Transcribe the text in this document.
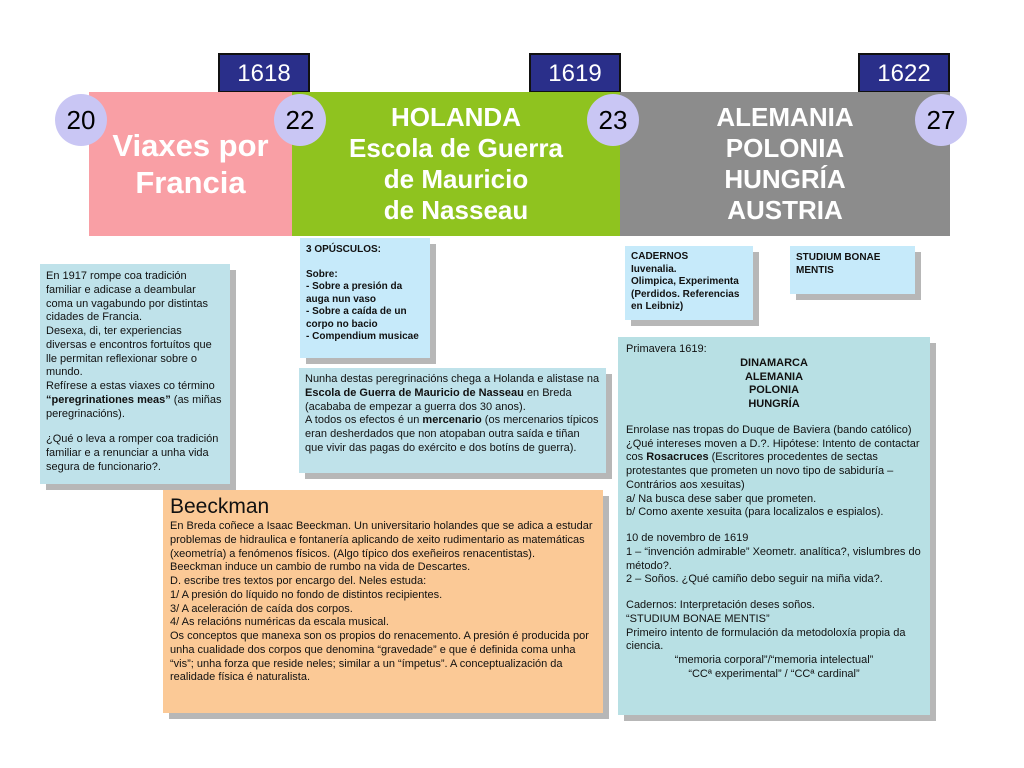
1618	1619	1622

Viaxes por

Francia

HOLANDA

Escola de Guerra

de Mauricio

de Nasseau

ALEMANIA

POLONIA

HUNGRÍA

AUSTRIA

20	22	23	27

En 1917 rompe coa tradición familiar e adicase a deambular coma un vagabundo por distintas cidades de Francia.

Desexa, di, ter experiencias diversas e encontros fortuítos que lle permitan reflexionar sobre o mundo.

Refírese a estas viaxes co término “peregrinationes meas” (as miñas peregrinacións).

¿Qué o leva a romper coa tradición familiar e a renunciar a unha vida segura de funcionario?.

3 OPÚSCULOS:

Sobre:

- Sobre a presión da auga nun vaso

- Sobre a caída de un corpo no bacio

- Compendium musicae

Nunha destas peregrinacións chega a Holanda e alistase na Escola de Guerra de Mauricio de Nasseau en Breda (acababa de empezar a guerra dos 30 anos).

A todos os efectos é un mercenario (os mercenarios típicos eran desherdados que non atopaban outra saída e tiñan que vivir das pagas do exército e dos botíns de guerra).

CADERNOS

Iuvenalia.

Olimpica, Experimenta

(Perdidos. Referencias en Leibniz)

STUDIUM BONAE

MENTIS

Beeckman

En Breda coñece a Isaac Beeckman. Un universitario holandes que se adica a estudar problemas de hidraulica e fontanería aplicando de xeito rudimentario as matemáticas (xeometría) a fenómenos físicos. (Algo típico dos exeñeiros renacentistas).

Beeckman induce un cambio de rumbo na vida de Descartes.

D. escribe tres textos por encargo del. Neles estuda:

1/ A presión do líquido no fondo de distintos recipientes.

3/ A aceleración de caída dos corpos.

4/ As relacións numéricas da escala musical.

Os conceptos que manexa son os propios do renacemento. A presión é producida por unha cualidade dos corpos que denomina “gravedade” e que é definida coma unha “vis”; unha forza que reside neles; similar a un “ímpetus”. A conceptualización da realidade física é naturalista.

Primavera 1619:

DINAMARCA

ALEMANIA

POLONIA

HUNGRÍA

Enrolase nas tropas do Duque de Baviera (bando católico)

¿Qué intereses moven a D.?. Hipótese: Intento de contactar cos Rosacruces (Escritores procedentes de sectas protestantes que prometen un novo tipo de sabiduría – Contrários aos xesuitas)

a/ Na busca dese saber que prometen.

b/ Como axente xesuita (para localizalos e espialos).

10 de novembro de 1619

1 – “invención admirable” Xeometr. analítica?, vislumbres do método?.

2 – Soños. ¿Qué camiño debo seguir na miña vida?.

Cadernos: Interpretación deses soños.

“STUDIUM BONAE MENTIS”

Primeiro intento de formulación da metodoloxía propia da ciencia.

“memoria corporal”/“memoria intelectual”

“CCª experimental” / “CCª cardinal”
